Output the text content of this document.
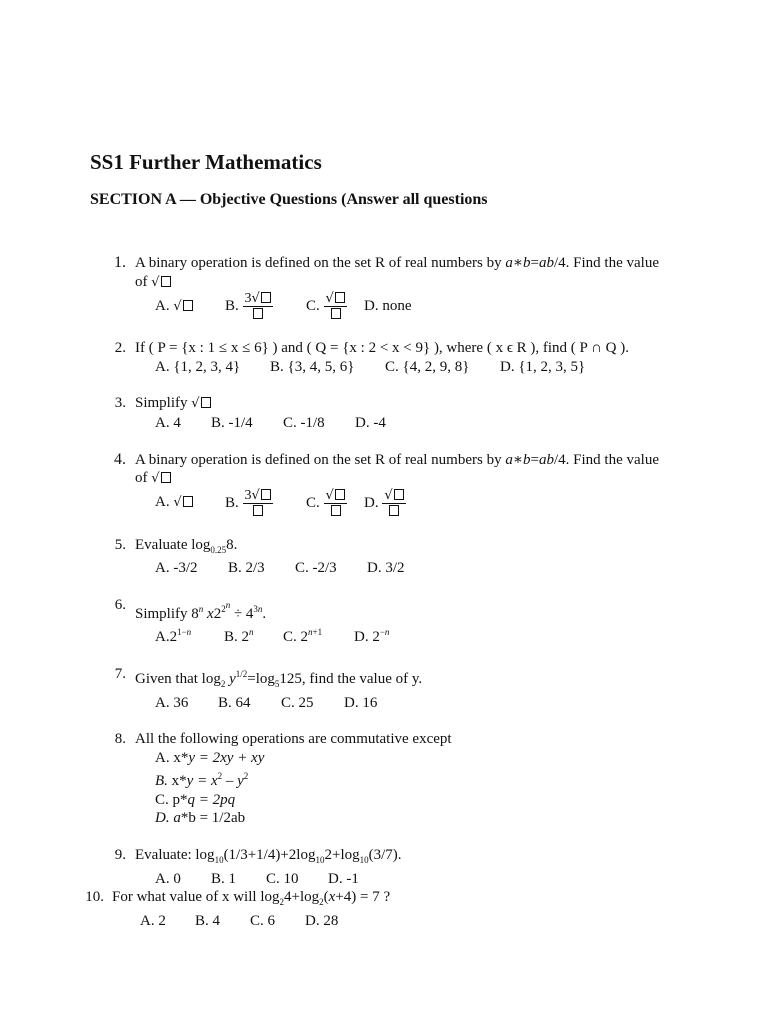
SS1 Further Mathematics
SECTION A — Objective Questions (Answer all questions
1. A binary operation is defined on the set R of real numbers by a∗b=ab/4. Find the value
of √
A. √	B. 3√	C. √	D. none
2. If ( P = {x : 1 ≤ x ≤ 6} ) and ( Q = {x : 2 < x < 9} ), where ( x ϵ R ), find ( P ∩ Q ).
A. {1, 2, 3, 4} B. {3, 4, 5, 6} C. {4, 2, 9, 8} D. {1, 2, 3, 5}
3. Simplify √
A. 4 B. -1/4 C. -1/8 D. -4
4. A binary operation is defined on the set R of real numbers by a∗b=ab/4. Find the value
of √
A. √	B. 3√	C. √	D. √
5. Evaluate $\log_{0.25}8$.
A. -3/2 B. 2/3 C. -2/3 D. 3/2
6.
Simplify 8$^n$ $x2^{2^n} \div 4^{3n}$.
$A.2^{1-n}$ B. 2$^n$ C. $2^{n+1}$ D. $2^{-n}$
7. Given that $\log_2 y^{1/2}=\log_5125$, find the value of y.
A. 36 B. 64 C. 25 D. 16
8. All the following operations are commutative except
A. x*y = 2xy + xy
B. $x*y = x^2 - y^2$
C. p*q = 2pq
D. a*b = 1/2ab
9. Evaluate: $\log_{10}(1/3+1/4)+2\log_{10}2+\log_{10}(3/7)$.
A. 0 B. 1 C. 10 D. -1
10. For what value of x will $\log_24+\log_2(x+4) = 7$ ?
A. 2 B. 4 C. 6 D. 28
